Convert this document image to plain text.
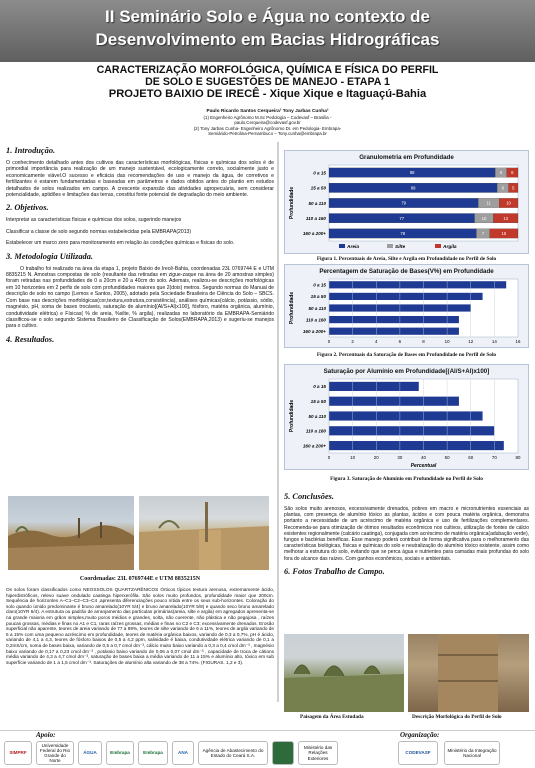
II Seminário Solo e Água no contexto de
Desenvolvimento em Bacias Hidrográficas
CARACTERIZAÇÃO MORFOLÓGICA, QUÍMICA E FÍSICA DO PERFIL
DE SOLO E SUGESTÕES DE MANEJO - ETAPA 1
PROJETO BAIXIO DE IRECÊ - Xique Xique e Itaguaçú-Bahia
Paulo Ricardo Santos Cerqueira¹ Tony Jarbas Cunha²
(1) Engenheiro Agrônomo M.Sc Pedologia – Codevasf – Brasília -
paulo.Cerqueira@codevasf.gov.br
(2) Tony Jarbas Cunha- Engenheiro Agrônomo Dr. em Pedologia- Embrapa-
Semiárido-Petrolina-Pernambuco – Tony.cunha@embrapa.br
1. Introdução.
O conhecimento detalhado antes dos cultivos das características morfológicas, físicas e químicas dos solos é de primordial importância para realização de um manejo sustentável, ecologicamente correto, socialmente justo e economicamente viável.O sucesso e eficácia das recomendações de uso e manejo da água, de corretivos e fertilizantes é estarem fundamentadas e baseadas em parâmetros e dados obtidos antes do plantio em estudos detalhados de solos realizados em campo. A crescente expansão das atividades agropecuária, sem considerar potencialidade, aptidões e limitações das terras, constitui fonte potencial de degradação do meio ambiente.
2. Objetivos.
Interpretar as características físicas e químicas dos solos, sugerindo manejos
Classificar a classe de solo segundo normas estabelecidas pela EMBRAPA(2013)
Estabelecer um marco zero para monitoramento em relação às condições químicas e físicas do solo.
3. Metodologia Utilizada.
O trabalho foi realizado na área da etapa 1, projeto Baixio de Irecê-Bahia, coordenadas 23L 0769744 E e UTM 8835215 N. Amostras compostas de solo (resultante das retiradas em zigue-zaque na área de 20 amostras simples) foram retiradas nas profundidades de 0 a 20cm e 20 a 40cm do solo. Ademais, realizou-se descrições morfológicas em 10 horizontes em 2 perfis de solo com profundidades maiores que 2(dois) metros. Segundo normas do Manual de descrição de solo no campo (Lemos e Santos, 2005), adotado pela Sociedade Brasileira de Ciência do Solo – SBCS. Com base nas descrições morfológicas(cor,textura,estrutura,consistência), análises químicas(cálcio, potássio, sódio, magnésio, pH, soma de bases trocáveis, saturação de alumínio[(Al/S+Al)x100], fósforo, matéria orgânica, alumínio, condutividade elétrica) e Físicas( % de areia, %silte, % argila), realizadas no laboratório da EMBRAPA-Semiárido classificou-se o solo segundo Sistema Brasileiro de Classificação de Solos(EMBRAPA,2013) e sugeriu-se manejos para o cultivo.
4. Resultados.
Coordenadas: 23L 0769744E e UTM 8835215N
Os solos foram classificados como NEOSSOLOS QUARTZARÊNICOS Órticos típicos textura arenosa, extremamente ácido, hiperdistróficos, relevo suave ondulado caatinga hiperxerófila. São solos muito profundos, profundidade maior que 200cm. Sequência de horizontes A–C1–C2–C3–C4 ,apresenta diferenciações pouco nítida entre os seus sub-horizontes. Coloração do solo quando úmido predominante é bruno amarelado(10YR 5/4) e bruno amarelado(10YR 5/8) e quando seco bruno amarelado claro(10YR 6/4). A estrutura ou padrão de arranjamento das partículas primárias(areia, silte e argila) em agregados apresenta-se na grande maioria em grãos simples,muito poros médios e grandes, solta, não coerente, não plástica e não pegajosa , raízes poucas grossas, médias e finas no A1 e C1, raras raízes grossas, médias e finas no C2 e C3; excessivamente drenados. Erosão superficial não aparente, teores de areia variando de 77 a 89%, teores de silte variando de 6 a 11%, teores de argila variando de 5 a 15% com uma pequeno acréscimo em profundidade, teores de matéria orgânica baixos, variando de 0,3 a 0,7%, pH é ácido, variando de 4,1 a 4,3, teores de fósforo baixos de 0,5 a 4,2 ppm, salinidade é baixa, condutividade elétrica variando de 0,1 a 0,2mS/cm, soma de bases baixa, variando de 0,5 a 0,7 cmol dm⁻³, cálcio muito baixo variando a 0,3 a 0,4 cmol dm⁻³ , magnésio baixo variando de 0,17 a 0,23 cmol dm⁻³ , potássio baixo variando de 0,06 a 0,07 cmol dm⁻³ , capacidade de troca de cátions média variando de 4,3 a 4,7 cmol dm⁻³, saturação de bases baixa a média variando de 11 a 15% e alumínio alto, tóxico em sub superfície variando de 1 a 1,5 cmol dm⁻³. Saturações de alumínio alta variando de 38 a 74%. (FIGURAS. 1,2 e 3).
Granulometria em Profundidade
Profundidade
0 a 15	88	6 6
15 a 50	89	6 5
50 a 110	79	11	10
110 a 160	77	10	13
160 a 200+	78	7	15
Areia	Silte	Argila
Figura 1. Percentuais de Areia, Silte e Argila em Profundidade no Perfil de Solo
Percentagem de Saturação de Bases(V%) em Profundidade
Profundidade
0 a 15
15 a 50
50 a 110
110 a 160
160 a 200+
0	2	4	6	8	10	12	14	16
Figura 2. Percentuais da Saturação de Bases em Profundidade no Perfil de Solo
Saturação por Alumínio em Profundidade[(Al/S+Al)x100]
Profundidade
0 a 15
15 a 50
50 a 110
110 a 160
160 a 200+
0	10	20	30	40	50	60	70	80
Percentual
Figura 3. Saturação de Alumínio em Profundidade no Perfil de Solo
5. Conclusões.
São solos muito arenosos, excessivamente drenados, pobres em macro e micronutrientes essenciais as plantas, com presença de alumínio tóxico as plantas, ácidos e com pouca matéria orgânica, demonstra portanto a necessidade de um acréscimo de matéria orgânica e uso de fertilizações complementares. Recomenda-se para otimização de ótimos resultados econômicos nos cultivos, utilização de fontes de cálcio existentes regionalmente (calcário caatinga), conjugada com acréscimo de matéria orgânica(adubação verde), fungos e bactérias benéficas. Esse manejo poderá contribuir de forma significativa para o melhoramento das características biológicas, físicas e químicas do solo e neutralização do alumínio tóxico existente, assim como melhorar a estrutura do solo, evitando que se perca água e nutrientes para camadas mais profundas do solo fora do alcance das raízes. Com ganhos econômicos, sociais e ambientais.
6. Fotos Trabalho de Campo.
Paisagem da Área Estudada	Descrição Morfológica do Perfil de Solo
Apoio:	Organização:
SIMPRF
Universidade Federal do Rio Grande do Norte
ÁGUA	Embrapa	Embrapa	ANA
Agência de Abastecimento do Estado do Ceará S.A.
Ministério das Relações Exteriores
CODEVASF
Ministério da Integração Nacional
